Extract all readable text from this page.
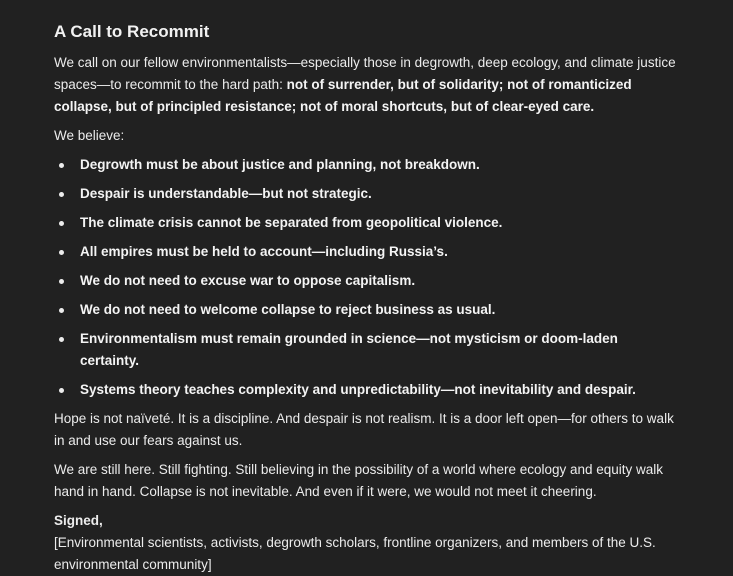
A Call to Recommit

We call on our fellow environmentalists—especially those in degrowth, deep ecology, and climate justice spaces—to recommit to the hard path: not of surrender, but of solidarity; not of romanticized collapse, but of principled resistance; not of moral shortcuts, but of clear-eyed care.

We believe:

Degrowth must be about justice and planning, not breakdown.
Despair is understandable—but not strategic.
The climate crisis cannot be separated from geopolitical violence.
All empires must be held to account—including Russia’s.
We do not need to excuse war to oppose capitalism.
We do not need to welcome collapse to reject business as usual.
Environmentalism must remain grounded in science—not mysticism or doom-laden certainty.
Systems theory teaches complexity and unpredictability—not inevitability and despair.

Hope is not naïveté. It is a discipline. And despair is not realism. It is a door left open—for others to walk in and use our fears against us.

We are still here. Still fighting. Still believing in the possibility of a world where ecology and equity walk hand in hand. Collapse is not inevitable. And even if it were, we would not meet it cheering.

Signed,

[Environmental scientists, activists, degrowth scholars, frontline organizers, and members of the U.S. environmental community]
